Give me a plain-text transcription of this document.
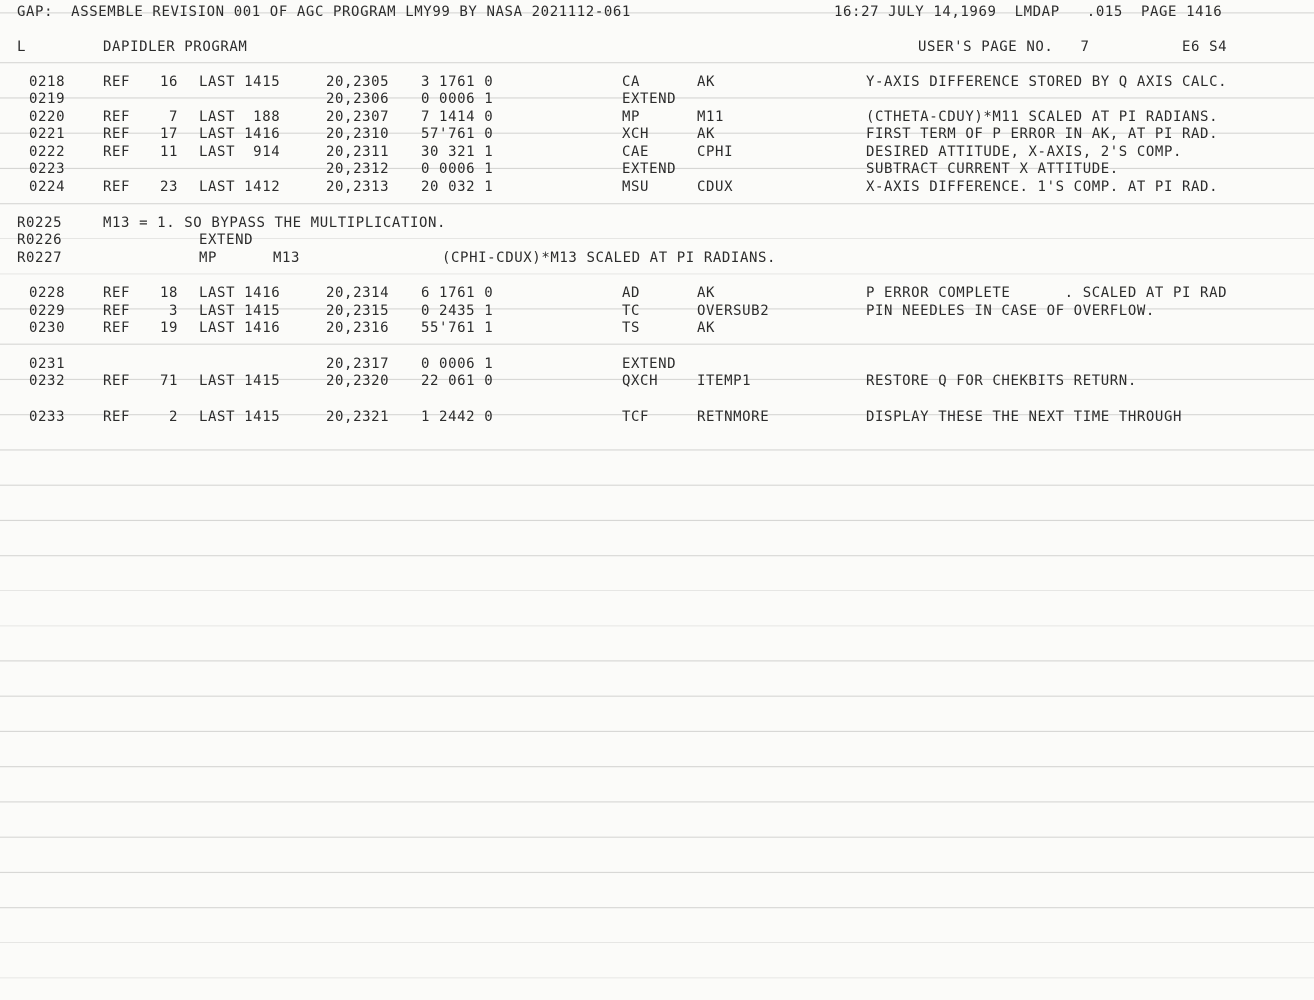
GAP:  ASSEMBLE REVISION 001 OF AGC PROGRAM LMY99 BY NASA 2021112-061	16:27 JULY 14,1969  LMDAP   .015  PAGE 1416
L	DAPIDLER PROGRAM	USER'S PAGE NO.   7	E6 S4
0218	REF	16 LAST 1415	20,2305 3 1761 0	CA	AK	Y-AXIS DIFFERENCE STORED BY Q AXIS CALC.
0219	20,2306 0 0006 1	EXTEND
0220	REF	7 LAST  188	20,2307 7 1414 0	MP	M11	(CTHETA-CDUY)*M11 SCALED AT PI RADIANS.
0221	REF	17 LAST 1416	20,2310 57'761 0	XCH	AK	FIRST TERM OF P ERROR IN AK, AT PI RAD.
0222	REF	11 LAST  914	20,2311 30 321 1	CAE	CPHI	DESIRED ATTITUDE, X-AXIS, 2'S COMP.
0223	20,2312 0 0006 1	EXTEND	SUBTRACT CURRENT X ATTITUDE.
0224	REF	23 LAST 1412	20,2313 20 032 1	MSU	CDUX	X-AXIS DIFFERENCE. 1'S COMP. AT PI RAD.
R0225	M13 = 1. SO BYPASS THE MULTIPLICATION.
R0226	EXTEND
R0227	MP	M13	(CPHI-CDUX)*M13 SCALED AT PI RADIANS.
0228	REF	18 LAST 1416	20,2314 6 1761 0	AD	AK	P ERROR COMPLETE      . SCALED AT PI RAD
0229	REF	3 LAST 1415	20,2315 0 2435 1	TC	OVERSUB2	PIN NEEDLES IN CASE OF OVERFLOW.
0230	REF	19 LAST 1416	20,2316 55'761 1	TS	AK
0231	20,2317 0 0006 1	EXTEND
0232	REF	71 LAST 1415	20,2320 22 061 0	QXCH	ITEMP1	RESTORE Q FOR CHEKBITS RETURN.
0233	REF	2 LAST 1415	20,2321 1 2442 0	TCF	RETNMORE	DISPLAY THESE THE NEXT TIME THROUGH
